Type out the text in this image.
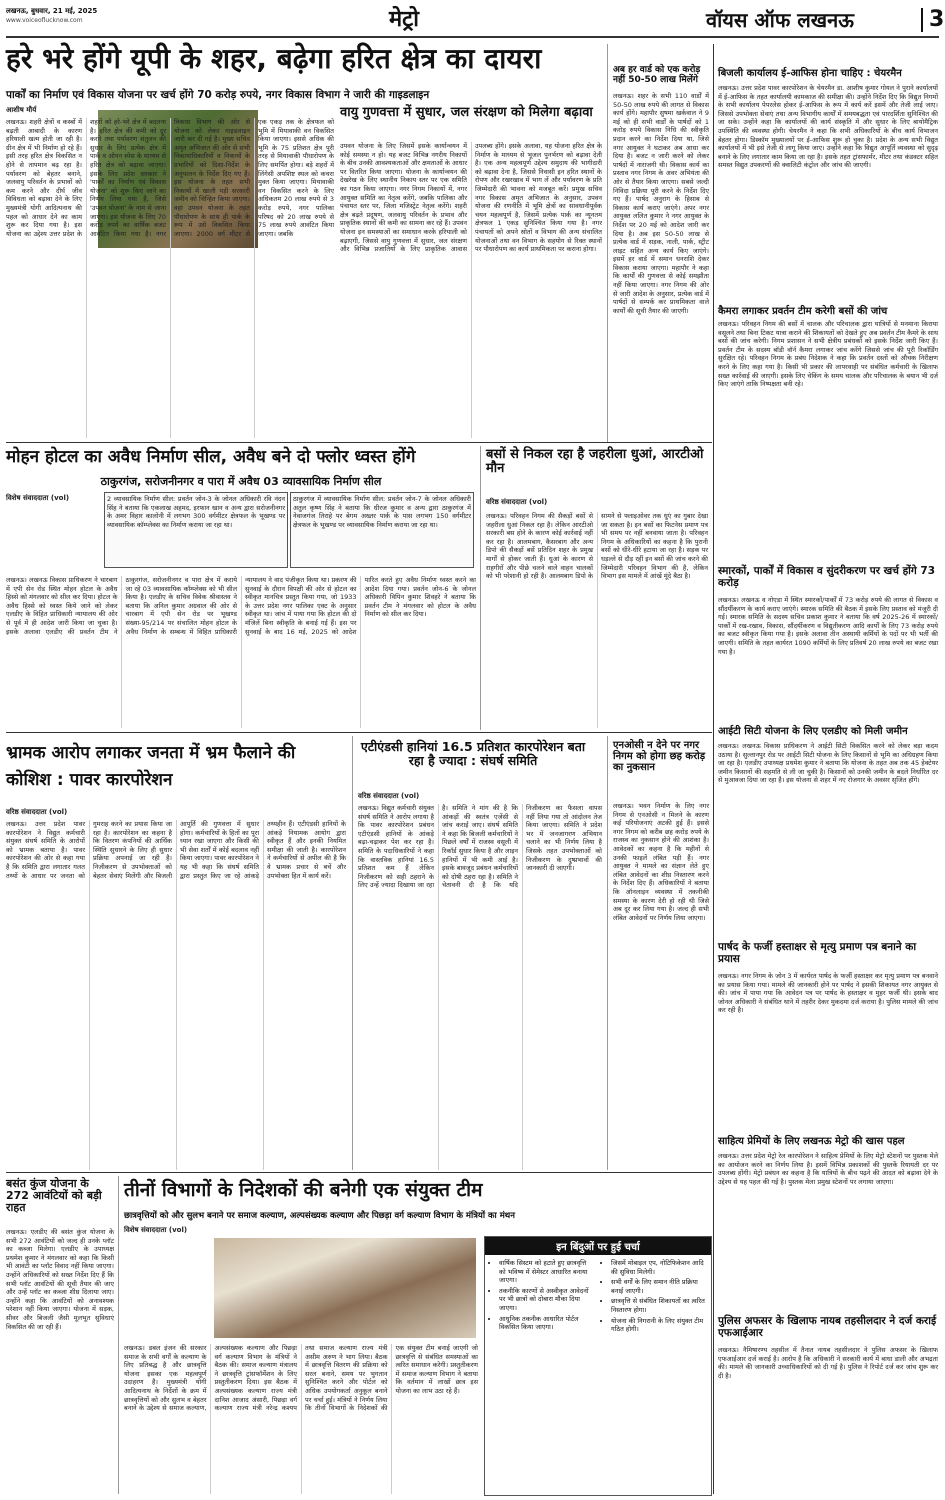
लखनऊ, बुधवार, 21 मई, 2025
www.voiceoflucknow.com	मेट्रो	वॉयस ऑफ लखनऊ	3
हरे भरे होंगे यूपी के शहर, बढ़ेगा हरित क्षेत्र का दायरा
पार्कों का निर्माण एवं विकास योजना पर खर्च होंगे 70 करोड़ रुपये, नगर विकास विभाग ने जारी की गाइडलाइन
आशीष मौर्य
लखनऊ। शहरी क्षेत्रों व कस्बों में बढ़ती आबादी के कारण हरियाली खत्म होती जा रही है। ग्रीन क्षेत्र में भी निर्माण हो रहे हैं। इसी तरह हरित क्षेत्र विकसित न होने से तापमान बढ़ रहा है। पर्यावरण को बेहतर बनाने, जलवायु परिवर्तन के प्रभावों को कम करने और दीर्घ जीव विविधता को बढ़ावा देने के लिए मुख्यमंत्री योगी आदित्यनाथ की पहल को आधार देने का काम शुरू कर दिया गया है। इस योजना का उद्देश्य उत्तर प्रदेश के शहरों को हरे-भरे क्षेत्र में बदलना है। हरित क्षेत्र की कमी को दूर करने तथा पर्यावरण संतुलन की सुधार के लिए प्रत्येक क्षेत्र में पार्क व ओपन स्पेस के माध्यम से हरित क्षेत्र को बढ़ावा जाएगा। इसके लिए प्रदेश सरकार ने 'पार्कों का निर्माण एवं विकास योजना' को शुरू किए जाने का निर्णय लिया गया है, जिसे 'उपवन योजना' के नाम से जाना जाएगा। इस योजना के लिए 70 करोड़ रुपये का वार्षिक बजट आवंटित किया गया है। नगर विकास विभाग की ओर से योजना को लेकर गाइडलाइन जारी कर दी गई है। मुख्य सचिव अमृत अभिजात की ओर से सभी निकायाधिकारियों व निकायों के प्रभारियों को दिशा-निर्देश के अनुपालन के निर्देश दिए गए हैं। इस योजना के तहत सभी निकायों में खाली पड़ी सरकारी जमीन को चिन्हित किया जाएगा। वहां उपवन योजना के तहत पौधारोपण के साथ ही पार्क के रूप में उसे विकसित किया जाएगा। 2000 वर्ग मीटर से एक एकड़ तक के क्षेत्रफल को भूमि में मियावाकी वन विकसित किया जाएगा। इससे अधिक की भूमि के 75 प्रतिशत क्षेत्र पूरी तरह से मियावाकी पौधारोपण के लिए समर्पित होगा। बड़े शहरों में लिंगेसी अपशिष्ट स्थल को कचरा मुक्त किया जाएगा। मियावाकी वन विकसित करने के लिए अधिकतम 20 लाख रुपये से 3 करोड़ रुपये, नगर पालिका परिषद को 20 लाख रुपये से 75 लाख रुपये आवंटित किया जाएगा। जबकि
वायु गुणवत्ता में सुधार, जल संरक्षण को मिलेगा बढ़ावा
उपवन योजना के लिए जिसमें इसके कार्यान्वयन में कोई समस्या न हो। यह बजट विभिन्न नगरीय निकायों के बीच उनकी आवश्यकताओं और क्षमताओं के आधार पर वितरित किया जाएगा। योजना के कार्यान्वयन की देखरेख के लिए स्थानीय निकाय स्तर पर एक समिति का गठन किया जाएगा। नगर निगम निकायों में, नगर आयुक्त समिति का नेतृत्व करेंगे, जबकि पालिका और पंचायत स्तर पर, जिला मजिस्ट्रेट नेतृत्व करेंगे। शहरी क्षेत्र बढ़ते प्रदूषण, जलवायु परिवर्तन के प्रभाव और प्राकृतिक स्थानों की कमी का सामना कर रहे हैं। उपवन योजना इन समस्याओं का समाधान करके हरियाली को बढ़ाएगी, जिससे वायु गुणवत्ता में सुधार, जल संरक्षण और विभिन्न प्रजातियों के लिए प्राकृतिक आवास उपलब्ध होंगे। इसके अलावा, यह योजना हरित क्षेत्र के निर्माण के माध्यम से भूजल पुनर्भरण को बढ़ावा देती है। एक अन्य महत्वपूर्ण उद्देश्य समुदाय की भागीदारी को बढ़ावा देना है, जिससे निवासी इन हरित स्थानों के रोपण और रखरखाव में भाग लें और पर्यावरण के प्रति जिम्मेदारी की भावना को मजबूत करें। प्रमुख सचिव नगर विकास अमृत अभिजात के अनुसार, उपवन योजना की रणनीति में भूमि क्षेत्रों का सावधानीपूर्वक चयन महत्वपूर्ण है, जिसमें प्रत्येक पार्क का न्यूनतम क्षेत्रफल 1 एकड़ सुनिश्चित किया गया है। नगर पंचायतों को अपने स्रोतों व विभाग की अन्य संचालित योजनाओं तथा वन विभाग के सहयोग से रिक्त स्थानों पर पौधारोपण का कार्य प्राथमिकता पर कराना होगा।
अब हर वार्ड को एक करोड़ नहीं 50-50 लाख मिलेंगे
लखनऊ। शहर के सभी 110 वार्डों में 50-50 लाख रुपये की लागत से विकास कार्य होंगे। महापौर सुषमा खर्कवाल ने 9 मई को ही सभी वार्डों के पार्षदों को 1 करोड़ रुपये विकास निधि की स्वीकृति प्रदान करने का निर्देश दिया था, जिसे नगर आयुक्त ने घटाकर अब आधा कर दिया है। बजट न जारी करने को लेकर पार्षदों में नाराजगी थी। विकास कार्य का प्रस्ताव नगर निगम के अवर अभियंता की ओर से तैयार किया जाएगा। सबसे जल्दी निविदा प्रक्रिया पूरी करने के निर्देश दिए गए हैं। पार्षद अनुराग के हिसाब से विकास कार्य कराए जाएंगे। अपर नगर आयुक्त ललित कुमार ने नगर आयुक्त के निर्देश पर 20 मई को आदेश जारी कर दिया है। अब इस 50-50 लाख से प्रत्येक वार्ड में सड़क, नाली, पार्क, स्ट्रीट लाइट सहित अन्य कार्य किए जाएंगे। इसमें हर वार्ड में समान धनराशि देकर विकास कराया जाएगा। महापौर ने कहा कि कार्यों की गुणवत्ता से कोई समझौता नहीं किया जाएगा। नगर निगम की ओर से जारी आदेश के अनुसार, प्रत्येक वार्ड में पार्षदों से सम्पर्क कर प्राथमिकता वाले कार्यों की सूची तैयार की जाएगी।
बिजली कार्यालय ई-आफिस होना चाहिए : चेयरमैन
लखनऊ। उत्तर प्रदेश पावर कारपोरेशन के चेयरमैन डा. आशीष कुमार गोयल ने पुराने कार्यालयों में ई-आफिस के तहत कार्यालयी कामकाज की समीक्षा की। उन्होंने निर्देश दिए कि विद्युत निगमों के सभी कार्यालय पेपरलेस होकर ई-आफिस के रूप में कार्य करें इसमें और तेजी लाई जाए। जिससे उपभोक्ता सेवाएं तथा अन्य विभागीय कार्यों में समयबद्धता एवं पारदर्शिता सुनिश्चित की जा सके। उन्होंने कहा कि कार्यालयों की कार्य संस्कृति में और सुधार के लिए बायोमैट्रिक उपस्थिति की व्यवस्था होगी। चेयरमैन ने कहा कि सभी अधिकारियों के बीच कार्य विभाजन बेहतर होगा। डिस्कॉम मुख्यालयों पर ई-आफिस शुरू हो चुका है। प्रदेश के अन्य सभी विद्युत कार्यालयों में भी इसे तेजी से लागू किया जाए। उन्होंने कहा कि विद्युत आपूर्ति व्यवस्था को सुदृढ़ बनाने के लिए लगातार काम किया जा रहा है। इसके तहत ट्रांसफार्मर, मीटर तथा कंडक्टर सहित समस्त विद्युत उपकरणों की क्वालिटी कंट्रोल और जांच की जाएगी।
कैमरा लगाकर प्रवर्तन टीम करेगी बसों की जांच
लखनऊ। परिवहन निगम की बसों में चालक और परिचालक द्वारा यात्रियों से मनमाना किराया वसूलने तथा बिना टिकट यात्रा कराने की शिकायतों को देखते हुए अब प्रवर्तन टीम कैमरे के साथ बसों की जांच करेगी। निगम प्रशासन ने सभी क्षेत्रीय प्रबंधकों को इसके निर्देश जारी किए हैं। प्रवर्तन टीम के सदस्य बॉडी वॉर्न कैमरा लगाकर जांच करेंगे जिससे जांच की पूरी रिकॉर्डिंग सुरक्षित रहे। परिवहन निगम के प्रबंध निदेशक ने कहा कि प्रवर्तन दस्तों को औचक निरीक्षण करने के लिए कहा गया है। किसी भी प्रकार की लापरवाही पर संबंधित कर्मचारी के खिलाफ सख्त कार्रवाई की जाएगी। इसके लिए चेकिंग के समय चालक और परिचालक के बयान भी दर्ज किए जाएंगे ताकि निष्पक्षता बनी रहे।
स्मारकों, पार्कों में विकास व सुंदरीकरण पर खर्च होंगे 73 करोड़
लखनऊ। लखनऊ व नोएडा में स्थित स्मारकों/पार्कों में 73 करोड़ रुपये की लागत से विकास व सौंदर्यीकरण के कार्य कराए जाएंगे। स्मारक समिति की बैठक में इसके लिए प्रस्ताव को मंजूरी दी गई। स्मारक समिति के सदस्य सचिव प्रकाश कुमार ने बताया कि वर्ष 2025-26 में स्मारकों/पार्कों में रख-रखाव, विकास, सौंदर्यीकरण व विद्युतीकरण आदि कार्यों के लिए 73 करोड़ रुपये का बजट स्वीकृत किया गया है। इसके अलावा तीन अस्थायी कर्मियों के पदों पर भी भर्ती की जाएगी। समिति के तहत कार्यरत 1090 कर्मियों के लिए प्रतिवर्ष 20 लाख रुपये का बजट रखा गया है।
आईटी सिटी योजना के लिए एलडीए को मिली जमीन
लखनऊ। लखनऊ विकास प्राधिकरण ने आईटी सिटी विकसित करने को लेकर बड़ा कदम उठाया है। सुल्तानपुर रोड पर आईटी सिटी योजना के लिए किसानों से भूमि का अधिग्रहण किया जा रहा है। एलडीए उपाध्यक्ष प्रथमेश कुमार ने बताया कि योजना के तहत अब तक 45 हेक्टेयर जमीन किसानों की सहमति से ली जा चुकी है। किसानों को उनकी जमीन के बदले निर्धारित दर से मुआवजा दिया जा रहा है। इस योजना से शहर में नए रोजगार के अवसर सृजित होंगे।
पार्षद के फर्जी हस्ताक्षर से मृत्यु प्रमाण पत्र बनाने का प्रयास
लखनऊ। नगर निगम के जोन 3 में कार्यरत पार्षद के फर्जी हस्ताक्षर कर मृत्यु प्रमाण पत्र बनवाने का प्रयास किया गया। मामले की जानकारी होने पर पार्षद ने इसकी शिकायत नगर आयुक्त से की। जांच में पाया गया कि आवेदन पत्र पर पार्षद के हस्ताक्षर व मुहर फर्जी थी। इसके बाद जोनल अधिकारी ने संबंधित थाने में तहरीर देकर मुकदमा दर्ज कराया है। पुलिस मामले की जांच कर रही है।
साहित्य प्रेमियों के लिए लखनऊ मेट्रो की खास पहल
लखनऊ। उत्तर प्रदेश मेट्रो रेल कारपोरेशन ने साहित्य प्रेमियों के लिए मेट्रो स्टेशनों पर पुस्तक मेले का आयोजन करने का निर्णय लिया है। इसमें विभिन्न प्रकाशकों की पुस्तकें रियायती दर पर उपलब्ध होंगी। मेट्रो प्रबंधन का कहना है कि यात्रियों के बीच पढ़ने की आदत को बढ़ावा देने के उद्देश्य से यह पहल की गई है। पुस्तक मेला प्रमुख स्टेशनों पर लगाया जाएगा।
पुलिस अफसर के खिलाफ नायब तहसीलदार ने दर्ज कराई एफआईआर
लखनऊ। नैमिषारण्य तहसील में तैनात नायब तहसीलदार ने पुलिस अफसर के खिलाफ एफआईआर दर्ज कराई है। आरोप है कि अधिकारी ने सरकारी कार्य में बाधा डाली और अभद्रता की। मामले की जानकारी उच्चाधिकारियों को दी गई है। पुलिस ने रिपोर्ट दर्ज कर जांच शुरू कर दी है।
मोहन होटल का अवैध निर्माण सील, अवैध बने दो फ्लोर ध्वस्त होंगे
ठाकुरगंज, सरोजनीनगर व पारा में अवैध 03 व्यावसायिक निर्माण सील
विशेष संवाददाता (vol)	2 व्यावसायिक निर्माण सील: प्रवर्तन जोन-3 के जोनल अधिकारी रवि नंदन सिंह ने बताया कि एकलाख अहमद, इरफान खान व अन्य द्वारा सरोजनीनगर के अमर विहार कालोनी में लगभग 300 वर्गमीटर क्षेत्रफल के भूखण्ड पर व्यावसायिक कॉम्प्लेक्स का निर्माण कराया जा रहा था।
ठाकुरगंज में व्यावसायिक निर्माण सील: प्रवर्तन जोन-7 के जोनल अधिकारी अतुल कृष्ण सिंह ने बताया कि धीरज कुमार व अन्य द्वारा ठाकुरगंज में नेवाजगंज तिराहे पर बेगम अख्तर पार्क के पास लगभग 150 वर्गमीटर क्षेत्रफल के भूखण्ड पर व्यावसायिक निर्माण कराया जा रहा था।
लखनऊ। लखनऊ विकास प्राधिकरण ने चारबाग में एपी सेन रोड स्थित मोहन होटल के अवैध हिस्से को मंगलवार को सील कर दिया। होटल के अवैध हिस्से को ध्वस्त किये जाने को लेकर एलडीए के विहित प्राधिकारी न्यायालय की ओर से पूर्व में ही आदेश जारी किया जा चुका है। इसके अलावा एलडीए की प्रवर्तन टीम ने ठाकुरगंज, सरोजनीनगर व पारा क्षेत्र में कराये जा रहे 03 व्यावसायिक कॉम्प्लेक्स को भी सील किया है। एलडीए के सचिव विवेक श्रीवास्तव ने बताया कि अनिल कुमार अग्रवाल की ओर से चारबाग में एपी सेन रोड पर भूखण्ड संख्या-95/214 पर संचालित मोहन होटल के अवैध निर्माण के सम्बन्ध में विहित प्राधिकारी न्यायालय ने वाद पंजीकृत किया था। प्रकरण की सुनवाई के दौरान विपक्षी की ओर से होटल का स्वीकृत मानचित्र प्रस्तुत किया गया, जो 1933 के उत्तर प्रदेश नगर पालिका एक्ट के अनुसार स्वीकृत था। जांच में पाया गया कि होटल की दो मंजिलें बिना स्वीकृति के बनाई गई हैं। इस पर सुनवाई के बाद 16 मई, 2025 को आदेश पारित करते हुए अवैध निर्माण ध्वस्त करने का आदेश दिया गया। प्रवर्तन जोन-6 के जोनल अधिकारी विपिन कुमार शिवहरे ने बताया कि प्रवर्तन टीम ने मंगलवार को होटल के अवैध निर्माण को सील कर दिया।
बसों से निकल रहा है जहरीला धुआं, आरटीओ मौन
वरिष्ठ संवाददाता (vol)
लखनऊ। परिवहन निगम की सैकड़ों बसों से जहरीला धुआं निकल रहा है। लेकिन आरटीओ सरकारी बस होने के कारण कोई कार्रवाई नहीं कर रहा है। आलमबाग, कैसरबाग और अन्य डिपो की सैकड़ों बसें प्रतिदिन शहर के प्रमुख मार्गों से होकर जाती हैं। धुआं के कारण से राहगीरों और पीछे चलने वाले वाहन चालकों को भी परेशानी हो रही है। आलमबाग डिपो के सामने से फ्लाइओवर तक धुएं का गुबार देखा जा सकता है। इन बसों का फिटनेस प्रमाण पत्र भी समय पर नहीं बनवाया जाता है। परिवहन निगम के अधिकारियों का कहना है कि पुरानी बसों को धीरे-धीरे हटाया जा रहा है। सड़क पर धड़ल्ले से दौड़ रहीं इन बसों की जांच करने की जिम्मेदारी परिवहन विभाग की है, लेकिन विभाग इस मामले में आंखें मूंदे बैठा है।
भ्रामक आरोप लगाकर जनता में भ्रम फैलाने की कोशिश : पावर कारपोरेशन
वरिष्ठ संवाददाता (vol)
लखनऊ। उत्तर प्रदेश पावर कारपोरेशन ने विद्युत कर्मचारी संयुक्त संघर्ष समिति के आरोपों को भ्रामक बताया है। पावर कारपोरेशन की ओर से कहा गया है कि समिति द्वारा लगातार गलत तथ्यों के आधार पर जनता को गुमराह करने का प्रयास किया जा रहा है। कारपोरेशन का कहना है कि वितरण कंपनियों की आर्थिक स्थिति सुधारने के लिए ही सुधार प्रक्रिया अपनाई जा रही है। निजीकरण से उपभोक्ताओं को बेहतर सेवाएं मिलेंगी और बिजली आपूर्ति की गुणवत्ता में सुधार होगा। कर्मचारियों के हितों का पूरा ध्यान रखा जाएगा और किसी की भी सेवा शर्तों में कोई बदलाव नहीं किया जाएगा। पावर कारपोरेशन ने यह भी कहा कि संघर्ष समिति द्वारा प्रस्तुत किए जा रहे आंकड़े तथ्यहीन हैं। एटीएंडसी हानियों के आंकड़े नियामक आयोग द्वारा स्वीकृत हैं और इनकी नियमित समीक्षा की जाती है। कारपोरेशन ने कर्मचारियों से अपील की है कि वे भ्रामक प्रचार से बचें और उपभोक्ता हित में कार्य करें।
एटीएंडसी हानियां 16.5 प्रतिशत कारपोरेशन बता रहा है ज्यादा : संघर्ष समिति
वरिष्ठ संवाददाता (vol)
लखनऊ। विद्युत कर्मचारी संयुक्त संघर्ष समिति ने आरोप लगाया है कि पावर कारपोरेशन प्रबंधन एटीएंडसी हानियों के आंकड़े बढ़ा-चढ़ाकर पेश कर रहा है। समिति के पदाधिकारियों ने कहा कि वास्तविक हानियां 16.5 प्रतिशत कम हैं लेकिन निजीकरण को सही ठहराने के लिए उन्हें ज्यादा दिखाया जा रहा है। समिति ने मांग की है कि आंकड़ों की स्वतंत्र एजेंसी से जांच कराई जाए। संघर्ष समिति ने कहा कि बिजली कर्मचारियों ने पिछले वर्षों में राजस्व वसूली में रिकॉर्ड सुधार किया है और लाइन हानियों में भी कमी आई है। इसके बावजूद प्रबंधन कर्मचारियों को दोषी ठहरा रहा है। समिति ने चेतावनी दी है कि यदि निजीकरण का फैसला वापस नहीं लिया गया तो आंदोलन तेज किया जाएगा। समिति ने प्रदेश भर में जनजागरण अभियान चलाने का भी निर्णय लिया है जिसके तहत उपभोक्ताओं को निजीकरण के दुष्प्रभावों की जानकारी दी जाएगी।
एनओसी न देने पर नगर निगम को होगा छह करोड़ का नुकसान
लखनऊ। भवन निर्माण के लिए नगर निगम से एनओसी न मिलने के कारण कई परियोजनाएं अटकी हुई हैं। इससे नगर निगम को करीब छह करोड़ रुपये के राजस्व का नुकसान होने की आशंका है। आवेदकों का कहना है कि महीनों से उनकी फाइलें लंबित पड़ी हैं। नगर आयुक्त ने मामले का संज्ञान लेते हुए लंबित आवेदनों का शीघ्र निस्तारण करने के निर्देश दिए हैं। अधिकारियों ने बताया कि ऑनलाइन व्यवस्था में तकनीकी समस्या के कारण देरी हो रही थी जिसे अब दूर कर लिया गया है। जल्द ही सभी लंबित आवेदनों पर निर्णय लिया जाएगा।
बसंत कुंज योजना के 272 आवंटियों को बड़ी राहत
लखनऊ। एलडीए की बसंत कुंज योजना के सभी 272 आवंटियों को जल्द ही उनके प्लॉट का कब्जा मिलेगा। एलडीए के उपाध्यक्ष प्रथमेश कुमार ने मंगलवार को कहा कि किसी भी आवंटी का प्लॉट विवाद नहीं किया जाएगा। उन्होंने अधिकारियों को सख्त निर्देश दिए हैं कि सभी प्लॉट आवंटियों की सूची तैयार की जाए और उन्हें प्लॉट का कब्जा शीघ्र दिलाया जाए। उन्होंने कहा कि आवंटियों को अनावश्यक परेशान नहीं किया जाएगा। योजना में सड़क, सीवर और बिजली जैसी मूलभूत सुविधाएं विकसित की जा रही हैं।
तीनों विभागों के निदेशकों की बनेगी एक संयुक्त टीम
छात्रवृत्तियों को और सुलभ बनाने पर समाज कल्याण, अल्पसंख्यक कल्याण और पिछड़ा वर्ग कल्याण विभाग के मंत्रियों का मंथन
विशेष संवाददाता (vol)
लखनऊ। डबल इंजन की सरकार समाज के सभी वर्गों के कल्याण के लिए प्रतिबद्ध है और छात्रवृत्ति योजना इसका एक महत्वपूर्ण उदाहरण है। मुख्यमंत्री योगी आदित्यनाथ के निर्देशों के क्रम में छात्रवृत्तियों को और सुलभ व बेहतर बनाने के उद्देश्य से समाज कल्याण, अल्पसंख्यक कल्याण और पिछड़ा वर्ग कल्याण विभाग के मंत्रियों ने बैठक की। समाज कल्याण मंत्रालय ने छात्रवृत्ति ट्रांसफॉर्मेशन के लिए प्रस्तुतीकरण दिया। इस बैठक में अल्पसंख्यक कल्याण राज्य मंत्री दानिश आजाद अंसारी, पिछड़ा वर्ग कल्याण राज्य मंत्री नरेन्द्र कश्यप तथा समाज कल्याण राज्य मंत्री असीम अरुण ने भाग लिया। बैठक में छात्रवृत्ति वितरण की प्रक्रिया को सरल बनाने, समय पर भुगतान सुनिश्चित करने और पोर्टल को अधिक उपयोगकर्ता अनुकूल बनाने पर चर्चा हुई। मंत्रियों ने निर्णय लिया कि तीनों विभागों के निदेशकों की एक संयुक्त टीम बनाई जाएगी जो छात्रवृत्ति से संबंधित समस्याओं का त्वरित समाधान करेगी। प्रस्तुतीकरण में समाज कल्याण विभाग ने बताया कि वर्तमान में लाखों छात्र इस योजना का लाभ उठा रहे हैं।
इन बिंदुओं पर हुई चर्चा
• वार्षिक सिस्टम को हटाते हुए छात्रवृत्ति को भविष्य में सेमेस्टर आधारित बनाया जाएगा।
• तकनीकि कारणों से अस्वीकृत आवेदनों पर भी छात्रों को दोबारा मौका दिया जाएगा।
• आधुनिक तकनीक आधारित पोर्टल विकसित किया जाएगा।
• जिसमें मोबाइल एप, नोटिफिकेशन आदि की सुविधा मिलेगी।
• सभी वर्गों के लिए समान नीति प्रक्रिया बनाई जाएगी।
• छात्रवृत्ति से संबंधित शिकायतों का त्वरित निस्तारण होगा।
• योजना की निगरानी के लिए संयुक्त टीम गठित होगी।
